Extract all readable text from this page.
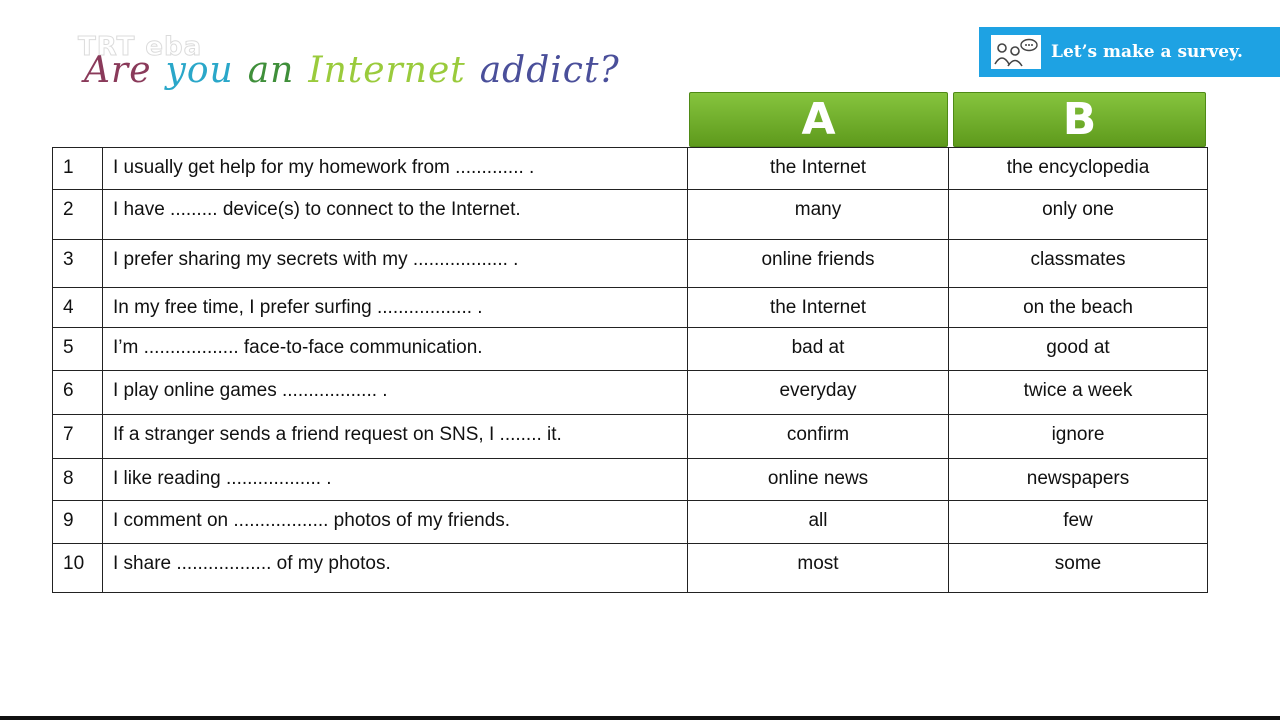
TRT eba
Are you an Internet addict?	Let’s make a survey.
A	B
1	I usually get help for my homework from ............. .	the Internet	the encyclopedia
2	I have ......... device(s) to connect to the Internet.	many	only one
3	I prefer sharing my secrets with my .................. .	online friends	classmates
4	In my free time, I prefer surfing .................. .	the Internet	on the beach
5	I’m .................. face-to-face communication.	bad at	good at
6	I play online games .................. .	everyday	twice a week
7	If a stranger sends a friend request on SNS, I ........ it.	confirm	ignore
8	I like reading .................. .	online news	newspapers
9	I comment on .................. photos of my friends.	all	few
10	I share .................. of my photos.	most	some
